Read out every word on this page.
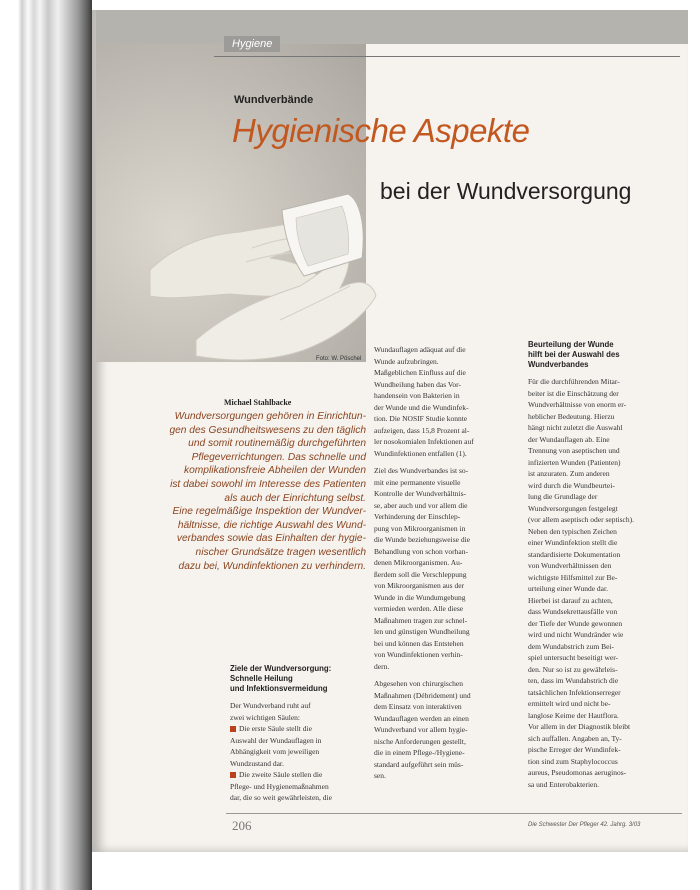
Hygiene
Foto: W. Pöschel
Wundverbände
Hygienische Aspekte
bei der Wundversorgung
Michael Stahlbacke
Wundversorgungen gehören in Einrichtun-
gen des Gesundheitswesens zu den täglich
und somit routinemäßig durchgeführten
Pflegeverrichtungen. Das schnelle und
komplikationsfreie Abheilen der Wunden
ist dabei sowohl im Interesse des Patienten
als auch der Einrichtung selbst.
Eine regelmäßige Inspektion der Wundver-
hältnisse, die richtige Auswahl des Wund-
verbandes sowie das Einhalten der hygie-
nischer Grundsätze tragen wesentlich
dazu bei, Wundinfektionen zu verhindern.
Ziele der Wundversorgung:
Schnelle Heilung
und Infektionsvermeidung
Der Wundverband ruht auf
zwei wichtigen Säulen:
Die erste Säule stellt die
Auswahl der Wundauflagen in
Abhängigkeit vom jeweiligen
Wundzustand dar.
Die zweite Säule stellen die
Pflege- und Hygienemaßnahmen
dar, die so weit gewährleisten, die
Wundauflagen adäquat auf die
Wunde aufzubringen.
Maßgeblichen Einfluss auf die
Wundheilung haben das Vor-
handensein von Bakterien in
der Wunde und die Wundinfek-
tion. Die NOSIF Studie konnte
aufzeigen, dass 15,8 Prozent al-
ler nosokomialen Infektionen auf
Wundinfektionen entfallen (1).
Ziel des Wundverbandes ist so-
mit eine permanente visuelle
Kontrolle der Wundverhältnis-
se, aber auch und vor allem die
Verhinderung der Einschlep-
pung von Mikroorganismen in
die Wunde beziehungsweise die
Behandlung von schon vorhan-
denen Mikroorganismen. Au-
ßerdem soll die Verschleppung
von Mikroorganismen aus der
Wunde in die Wundumgebung
vermieden werden. Alle diese
Maßnahmen tragen zur schnel-
len und günstigen Wundheilung
bei und können das Entstehen
von Wundinfektionen verhin-
dern.
Abgesehen von chirurgischen
Maßnahmen (Débridement) und
dem Einsatz von interaktiven
Wundauflagen werden an einen
Wundverband vor allem hygie-
nische Anforderungen gestellt,
die in einem Pflege-/Hygiene-
standard aufgeführt sein müs-
sen.
Beurteilung der Wunde
hilft bei der Auswahl des
Wundverbandes
Für die durchführenden Mitar-
beiter ist die Einschätzung der
Wundverhältnisse von enorm er-
heblicher Bedeutung. Hierzu
hängt nicht zuletzt die Auswahl
der Wundauflagen ab. Eine
Trennung von aseptischen und
infizierten Wunden (Patienten)
ist anzuraten. Zum anderen
wird durch die Wundbeurtei-
lung die Grundlage der
Wundversorgungen festgelegt
(vor allem aseptisch oder septisch).
Neben den typischen Zeichen
einer Wundinfektion stellt die
standardisierte Dokumentation
von Wundverhältnissen den
wichtigste Hilfsmittel zur Be-
urteilung einer Wunde dar.
Hierbei ist darauf zu achten,
dass Wundsekrettausfälle von
der Tiefe der Wunde gewonnen
wird und nicht Wundränder wie
dem Wundabstrich zum Bei-
spiel untersucht beseitigt wer-
den. Nur so ist zu gewährleis-
ten, dass im Wundabstrich die
tatsächlichen Infektionserreger
ermittelt wird und nicht be-
langlose Keime der Hautflora.
Vor allem in der Diagnostik bleibt
sich auffallen. Angaben an, Ty-
pische Erreger der Wundinfek-
tion sind zum Staphylococcus
aureus, Pseudomonas aeruginos-
sa und Enterobakterien.
206	Die Schwester Der Pfleger 42. Jahrg. 3/03
